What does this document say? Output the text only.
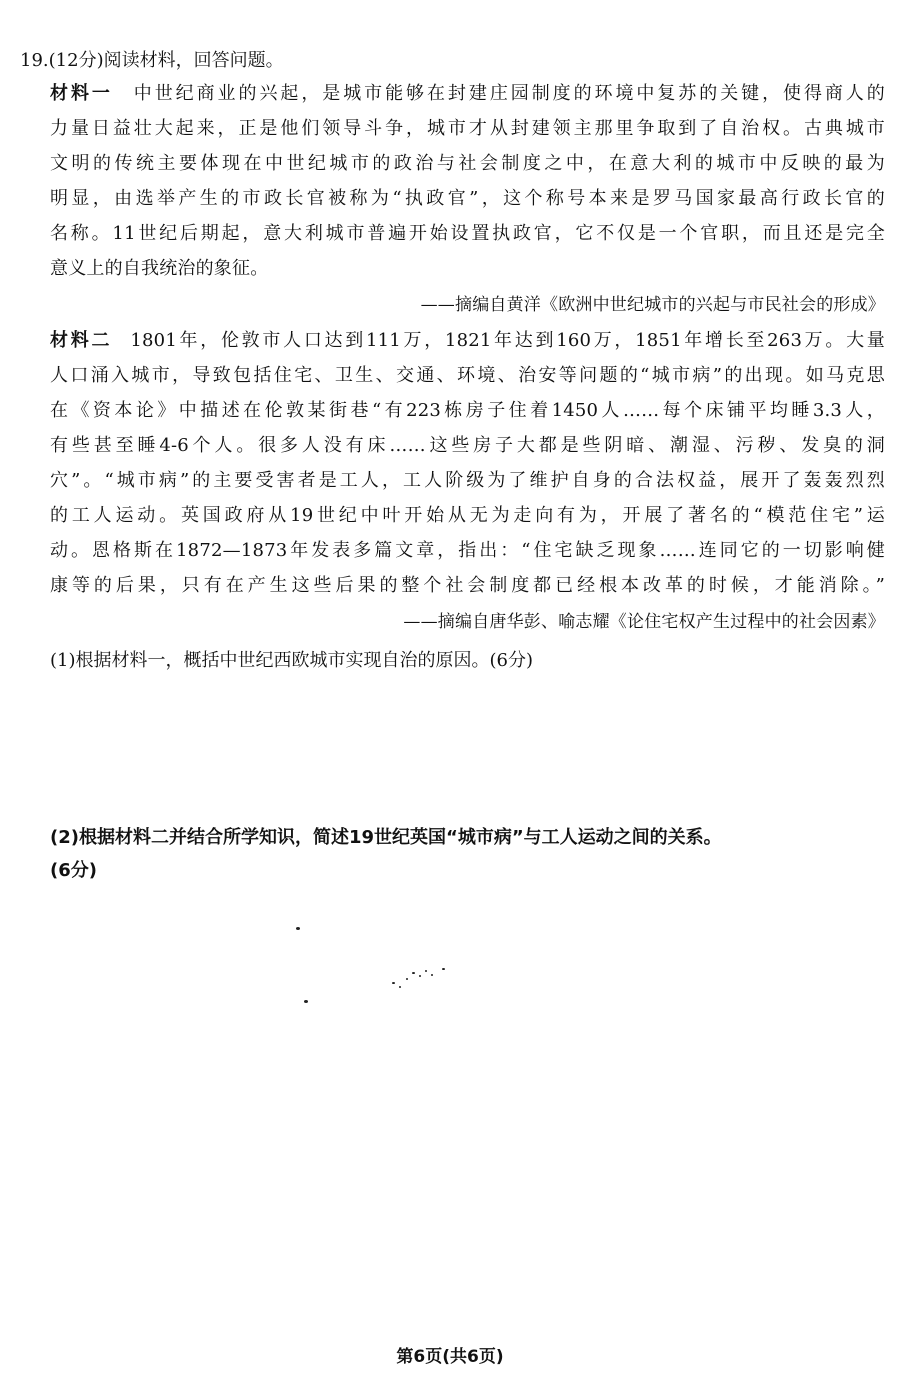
19.(12分)阅读材料，回答问题。
材料一  中世纪商业的兴起，是城市能够在封建庄园制度的环境中复苏的关键，使得商人的
力量日益壮大起来，正是他们领导斗争，城市才从封建领主那里争取到了自治权。古典城市
文明的传统主要体现在中世纪城市的政治与社会制度之中，在意大利的城市中反映的最为
明显，由选举产生的市政长官被称为“执政官”，这个称号本来是罗马国家最高行政长官的
名称。11世纪后期起，意大利城市普遍开始设置执政官，它不仅是一个官职，而且还是完全
意义上的自我统治的象征。
——摘编自黄洋《欧洲中世纪城市的兴起与市民社会的形成》
材料二  1801年，伦敦市人口达到111万，1821年达到160万，1851年增长至263万。大量
人口涌入城市，导致包括住宅、卫生、交通、环境、治安等问题的“城市病”的出现。如马克思
在《资本论》中描述在伦敦某街巷“有223栋房子住着1450人……每个床铺平均睡3.3人，
有些甚至睡4-6个人。很多人没有床……这些房子大都是些阴暗、潮湿、污秽、发臭的洞
穴”。“城市病”的主要受害者是工人，工人阶级为了维护自身的合法权益，展开了轰轰烈烈
的工人运动。英国政府从19世纪中叶开始从无为走向有为，开展了著名的“模范住宅”运
动。恩格斯在1872—1873年发表多篇文章，指出：“住宅缺乏现象……连同它的一切影响健
康等的后果，只有在产生这些后果的整个社会制度都已经根本改革的时候，才能消除。”
——摘编自唐华彭、喻志耀《论住宅权产生过程中的社会因素》
(1)根据材料一，概括中世纪西欧城市实现自治的原因。(6分)
(2)根据材料二并结合所学知识，简述19世纪英国“城市病”与工人运动之间的关系。
(6分)
第6页(共6页)
